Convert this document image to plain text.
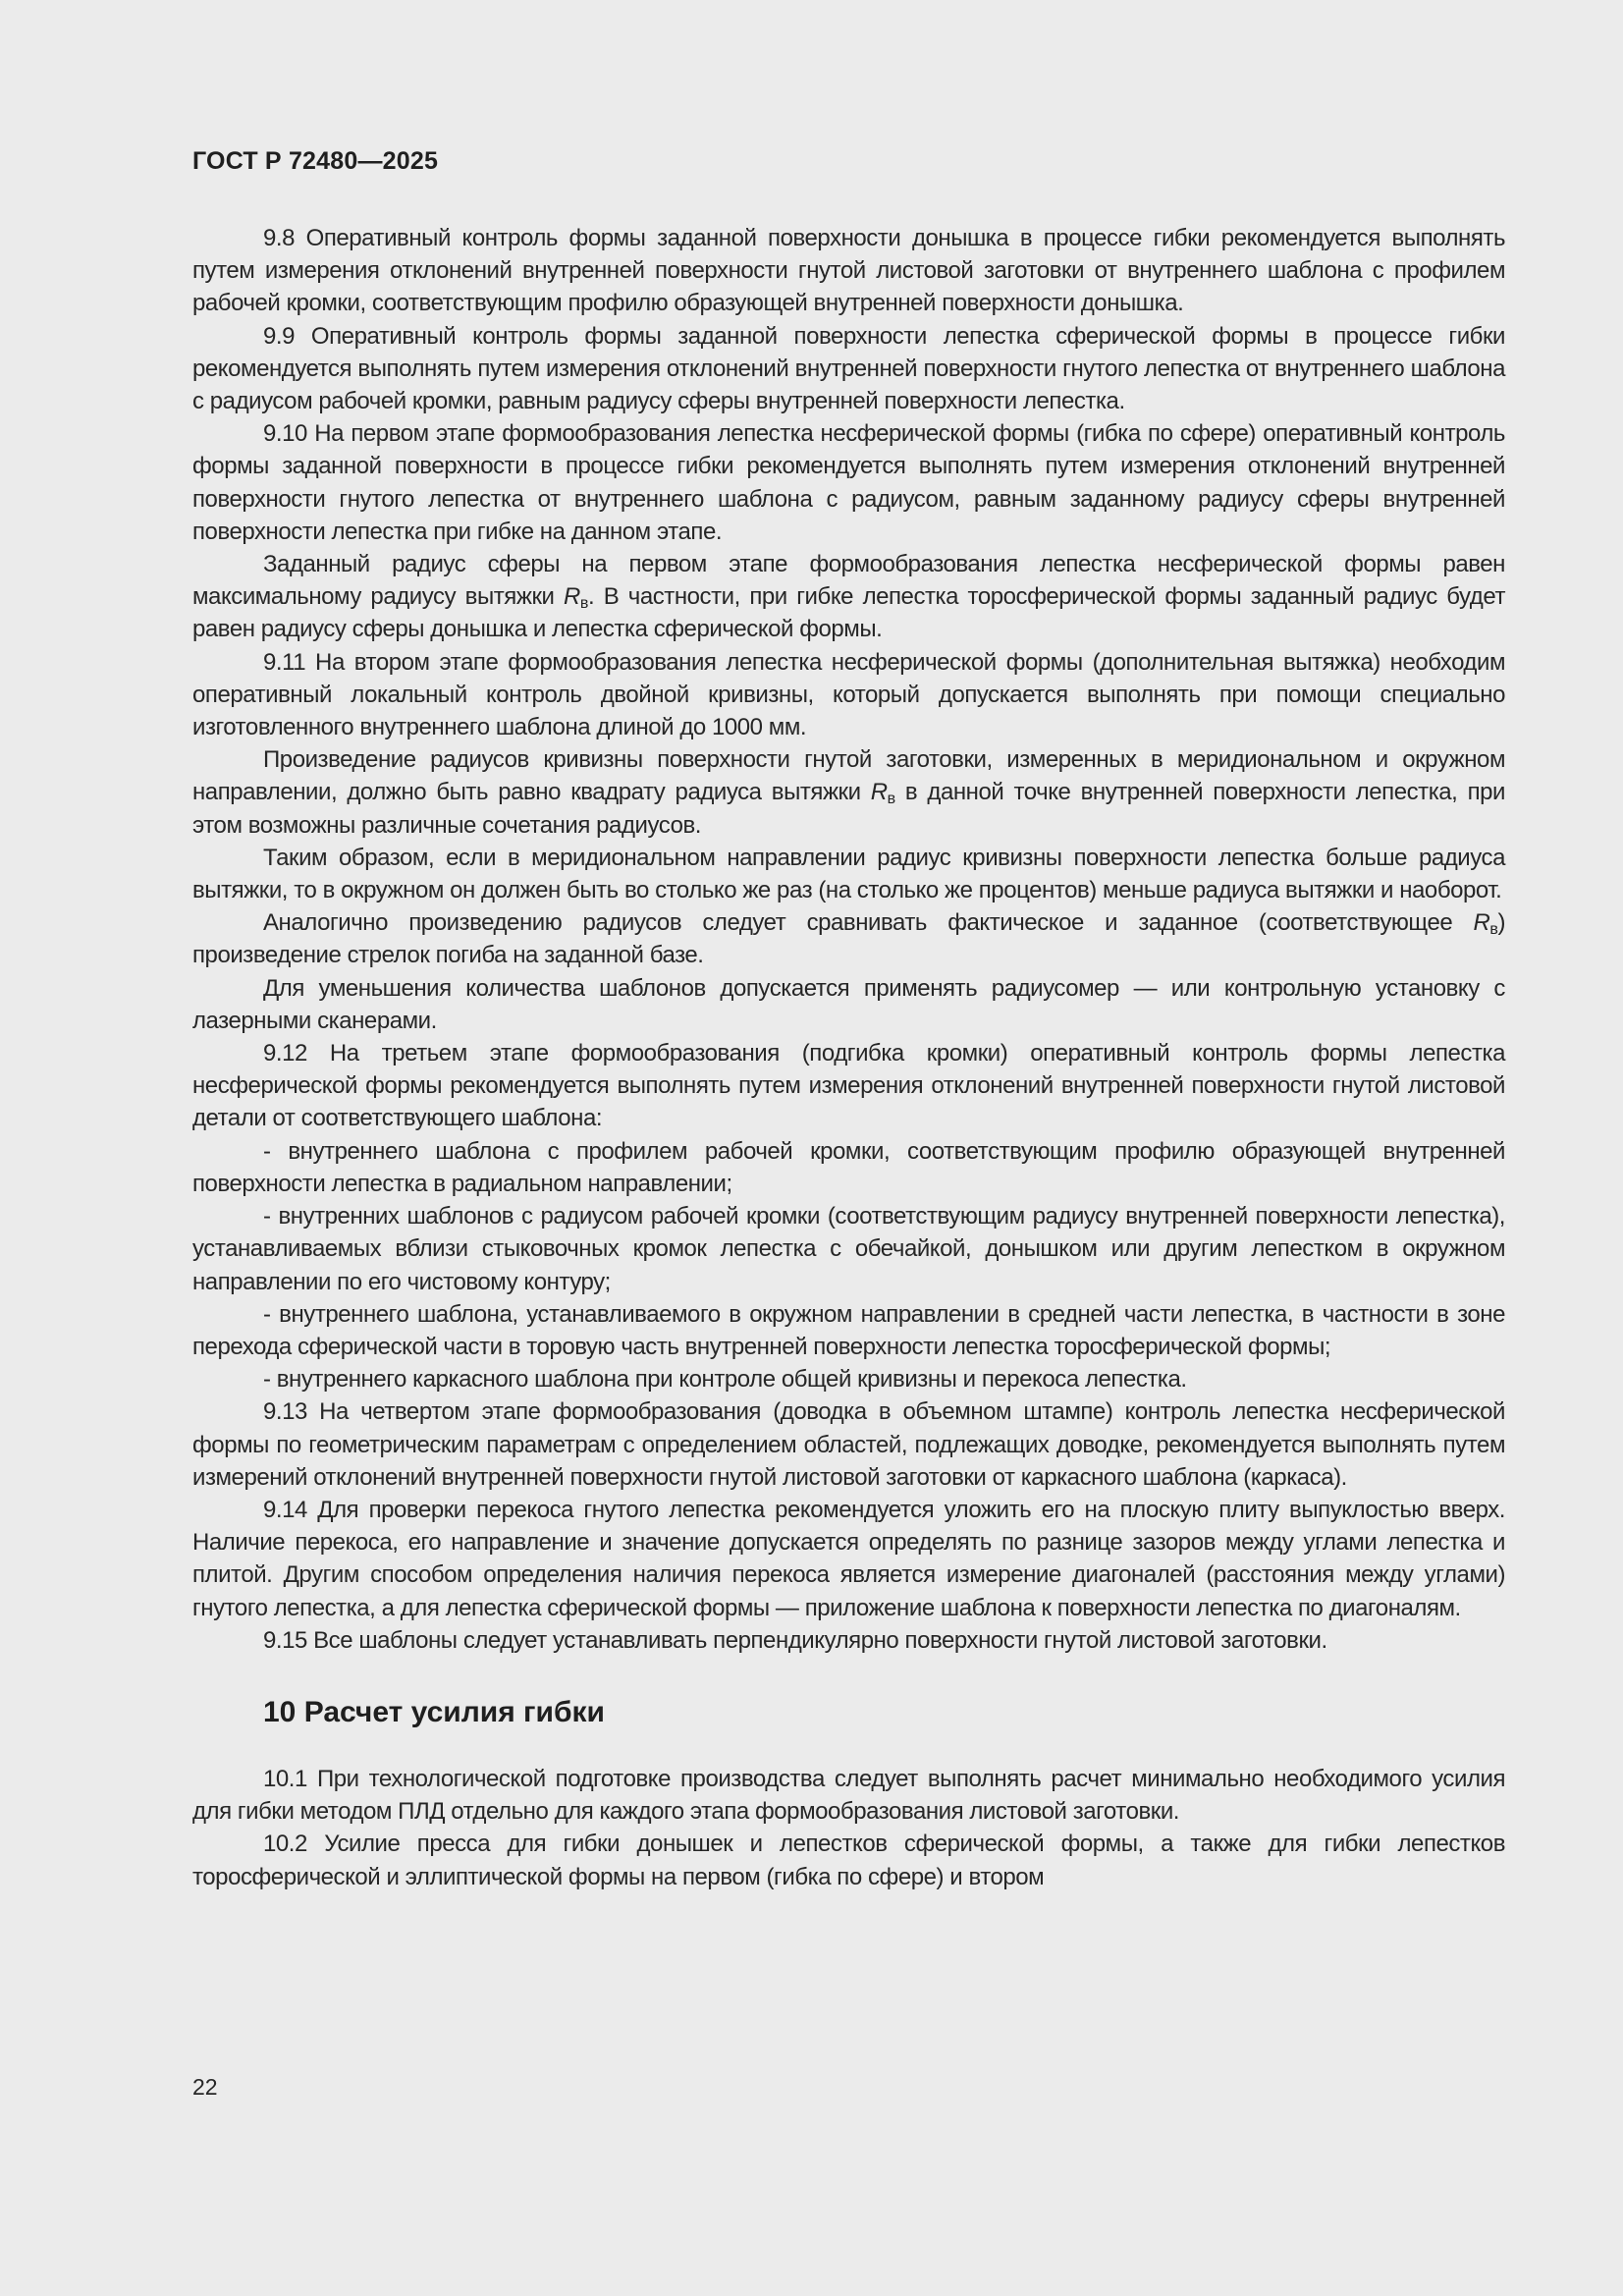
ГОСТ Р 72480—2025

9.8 Оперативный контроль формы заданной поверхности донышка в процессе гибки рекомендуется выполнять путем измерения отклонений внутренней поверхности гнутой листовой заготовки от внутреннего шаблона с профилем рабочей кромки, соответствующим профилю образующей внутренней поверхности донышка.

9.9 Оперативный контроль формы заданной поверхности лепестка сферической формы в процессе гибки рекомендуется выполнять путем измерения отклонений внутренней поверхности гнутого лепестка от внутреннего шаблона с радиусом рабочей кромки, равным радиусу сферы внутренней поверхности лепестка.

9.10 На первом этапе формообразования лепестка несферической формы (гибка по сфере) оперативный контроль формы заданной поверхности в процессе гибки рекомендуется выполнять путем измерения отклонений внутренней поверхности гнутого лепестка от внутреннего шаблона с радиусом, равным заданному радиусу сферы внутренней поверхности лепестка при гибке на данном этапе.

Заданный радиус сферы на первом этапе формообразования лепестка несферической формы равен максимальному радиусу вытяжки $R_в$. В частности, при гибке лепестка торосферической формы заданный радиус будет равен радиусу сферы донышка и лепестка сферической формы.

9.11 На втором этапе формообразования лепестка несферической формы (дополнительная вытяжка) необходим оперативный локальный контроль двойной кривизны, который допускается выполнять при помощи специально изготовленного внутреннего шаблона длиной до 1000 мм.

Произведение радиусов кривизны поверхности гнутой заготовки, измеренных в меридиональном и окружном направлении, должно быть равно квадрату радиуса вытяжки $R_в$ в данной точке внутренней поверхности лепестка, при этом возможны различные сочетания радиусов.

Таким образом, если в меридиональном направлении радиус кривизны поверхности лепестка больше радиуса вытяжки, то в окружном он должен быть во столько же раз (на столько же процентов) меньше радиуса вытяжки и наоборот.

Аналогично произведению радиусов следует сравнивать фактическое и заданное (соответствующее $R_в$) произведение стрелок погиба на заданной базе.

Для уменьшения количества шаблонов допускается применять радиусомер — или контрольную установку с лазерными сканерами.

9.12 На третьем этапе формообразования (подгибка кромки) оперативный контроль формы лепестка несферической формы рекомендуется выполнять путем измерения отклонений внутренней поверхности гнутой листовой детали от соответствующего шаблона:

- внутреннего шаблона с профилем рабочей кромки, соответствующим профилю образующей внутренней поверхности лепестка в радиальном направлении;

- внутренних шаблонов с радиусом рабочей кромки (соответствующим радиусу внутренней поверхности лепестка), устанавливаемых вблизи стыковочных кромок лепестка с обечайкой, донышком или другим лепестком в окружном направлении по его чистовому контуру;

- внутреннего шаблона, устанавливаемого в окружном направлении в средней части лепестка, в частности в зоне перехода сферической части в торовую часть внутренней поверхности лепестка торосферической формы;

- внутреннего каркасного шаблона при контроле общей кривизны и перекоса лепестка.

9.13 На четвертом этапе формообразования (доводка в объемном штампе) контроль лепестка несферической формы по геометрическим параметрам с определением областей, подлежащих доводке, рекомендуется выполнять путем измерений отклонений внутренней поверхности гнутой листовой заготовки от каркасного шаблона (каркаса).

9.14 Для проверки перекоса гнутого лепестка рекомендуется уложить его на плоскую плиту выпуклостью вверх. Наличие перекоса, его направление и значение допускается определять по разнице зазоров между углами лепестка и плитой. Другим способом определения наличия перекоса является измерение диагоналей (расстояния между углами) гнутого лепестка, а для лепестка сферической формы — приложение шаблона к поверхности лепестка по диагоналям.

9.15 Все шаблоны следует устанавливать перпендикулярно поверхности гнутой листовой заготовки.

10 Расчет усилия гибки

10.1 При технологической подготовке производства следует выполнять расчет минимально необходимого усилия для гибки методом ПЛД отдельно для каждого этапа формообразования листовой заготовки.

10.2 Усилие пресса для гибки донышек и лепестков сферической формы, а также для гибки лепестков торосферической и эллиптической формы на первом (гибка по сфере) и втором

22
